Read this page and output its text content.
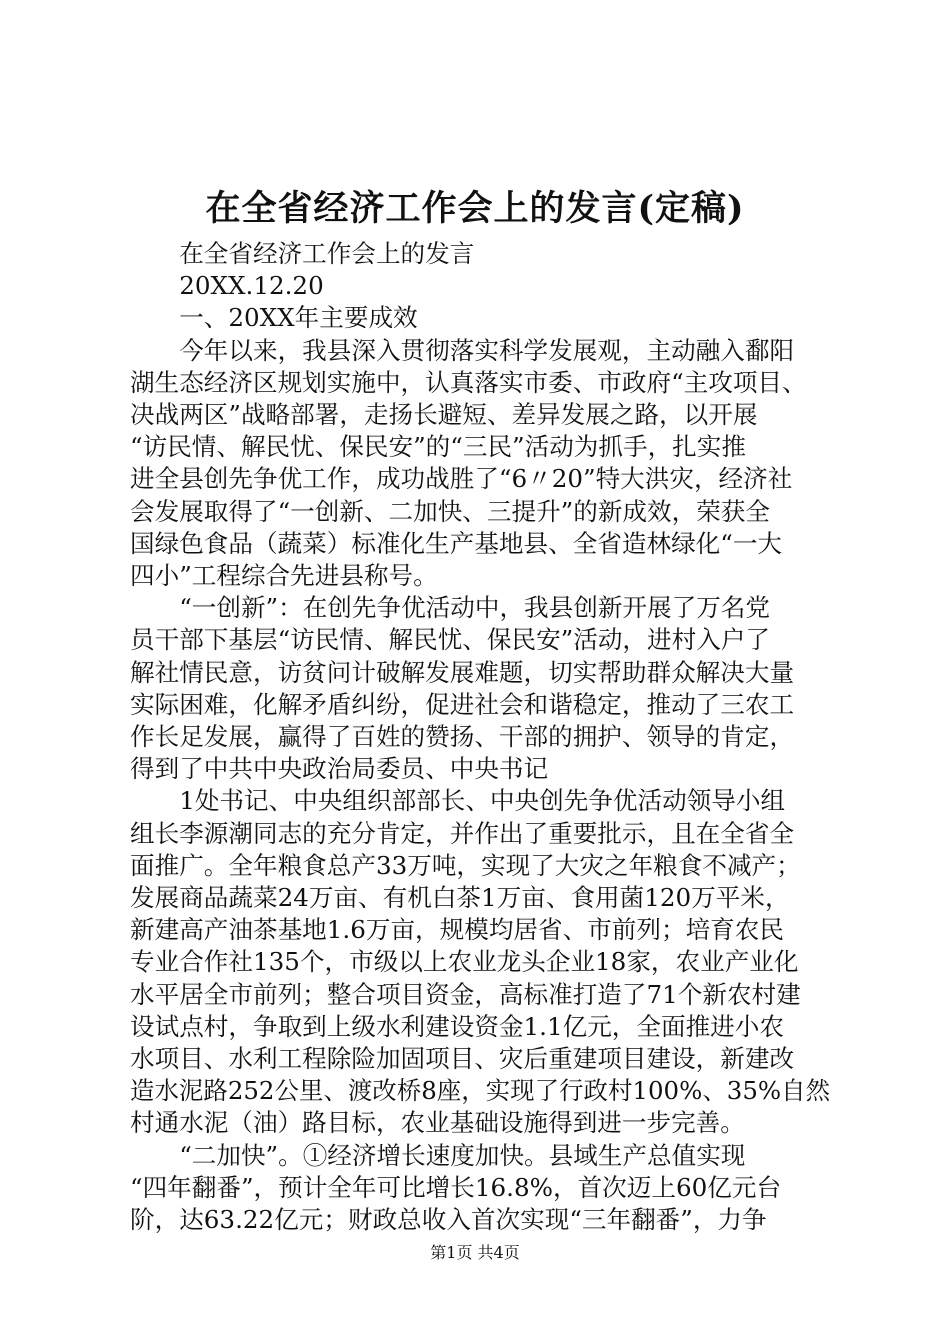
在全省经济工作会上的发言(定稿)
　　在全省经济工作会上的发言
　　20XX.12.20
　　一、20XX年主要成效
　　今年以来，我县深入贯彻落实科学发展观，主动融入鄱阳
湖生态经济区规划实施中，认真落实市委、市政府“主攻项目、
决战两区”战略部署，走扬长避短、差异发展之路，以开展
“访民情、解民忧、保民安”的“三民”活动为抓手，扎实推
进全县创先争优工作，成功战胜了“6〃20”特大洪灾，经济社
会发展取得了“一创新、二加快、三提升”的新成效，荣获全
国绿色食品（蔬菜）标准化生产基地县、全省造林绿化“一大
四小”工程综合先进县称号。
　　“一创新”：在创先争优活动中，我县创新开展了万名党
员干部下基层“访民情、解民忧、保民安”活动，进村入户了
解社情民意，访贫问计破解发展难题，切实帮助群众解决大量
实际困难，化解矛盾纠纷，促进社会和谐稳定，推动了三农工
作长足发展，赢得了百姓的赞扬、干部的拥护、领导的肯定，
得到了中共中央政治局委员、中央书记
　　1处书记、中央组织部部长、中央创先争优活动领导小组
组长李源潮同志的充分肯定，并作出了重要批示，且在全省全
面推广。全年粮食总产33万吨，实现了大灾之年粮食不减产；
发展商品蔬菜24万亩、有机白茶1万亩、食用菌120万平米，
新建高产油茶基地1.6万亩，规模均居省、市前列；培育农民
专业合作社135个，市级以上农业龙头企业18家，农业产业化
水平居全市前列；整合项目资金，高标准打造了71个新农村建
设试点村，争取到上级水利建设资金1.1亿元，全面推进小农
水项目、水利工程除险加固项目、灾后重建项目建设，新建改
造水泥路252公里、渡改桥8座，实现了行政村100%、35%自然
村通水泥（油）路目标，农业基础设施得到进一步完善。
　　“二加快”。①经济增长速度加快。县域生产总值实现
“四年翻番”，预计全年可比增长16.8%，首次迈上60亿元台
阶，达63.22亿元；财政总收入首次实现“三年翻番”，力争
第1页 共4页
